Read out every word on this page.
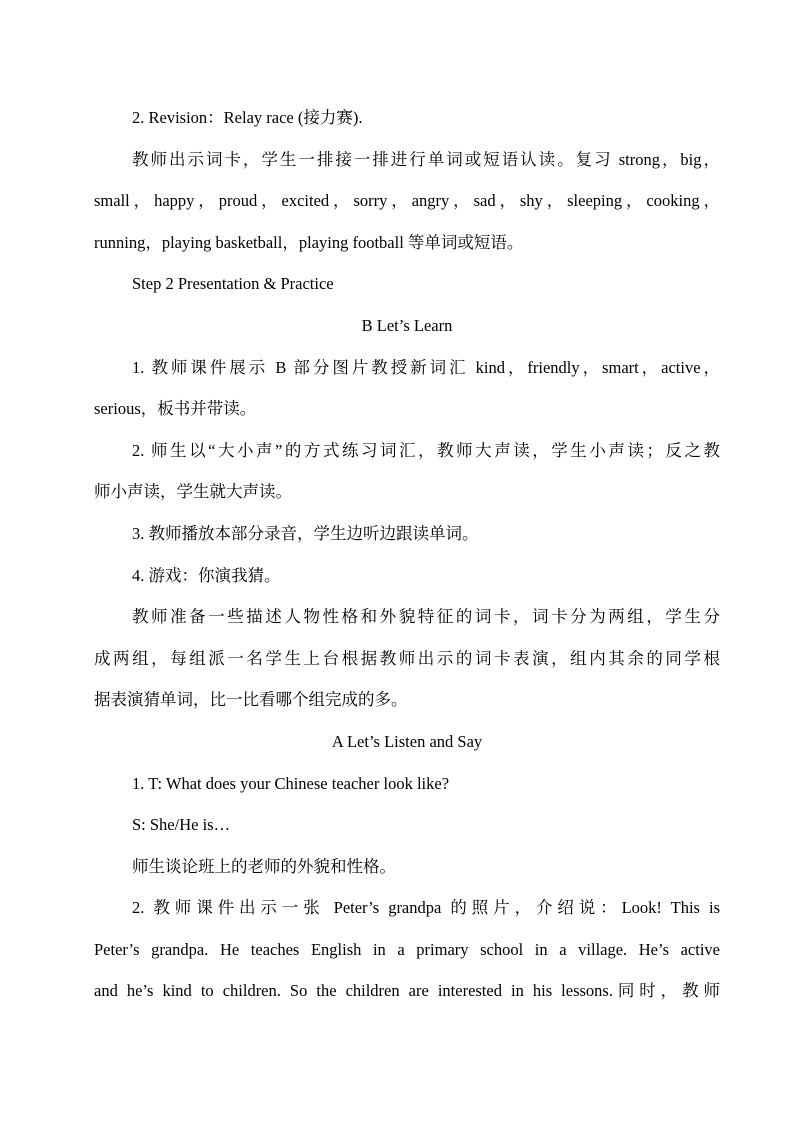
2. Revision：Relay race (接力赛).
教师出示词卡，学生一排接一排进行单词或短语认读。复习 strong，big，
small，happy，proud，excited，sorry，angry，sad，shy，sleeping，cooking，
running，playing basketball，playing football 等单词或短语。
Step 2 Presentation & Practice
B Let’s Learn
1. 教师课件展示 B 部分图片教授新词汇 kind，friendly，smart，active，
serious，板书并带读。
2. 师生以“大小声”的方式练习词汇，教师大声读，学生小声读；反之教
师小声读，学生就大声读。
3. 教师播放本部分录音，学生边听边跟读单词。
4. 游戏：你演我猜。
教师准备一些描述人物性格和外貌特征的词卡，词卡分为两组，学生分
成两组，每组派一名学生上台根据教师出示的词卡表演，组内其余的同学根
据表演猜单词，比一比看哪个组完成的多。
A Let’s Listen and Say
1. T: What does your Chinese teacher look like?
S: She/He is…
师生谈论班上的老师的外貌和性格。
2. 教师课件出示一张 Peter’s grandpa 的照片，介绍说：Look! This is
Peter’s grandpa. He teaches English in a primary school in a village. He’s active
and he’s kind to children. So the children are interested in his lessons.同时，教师
